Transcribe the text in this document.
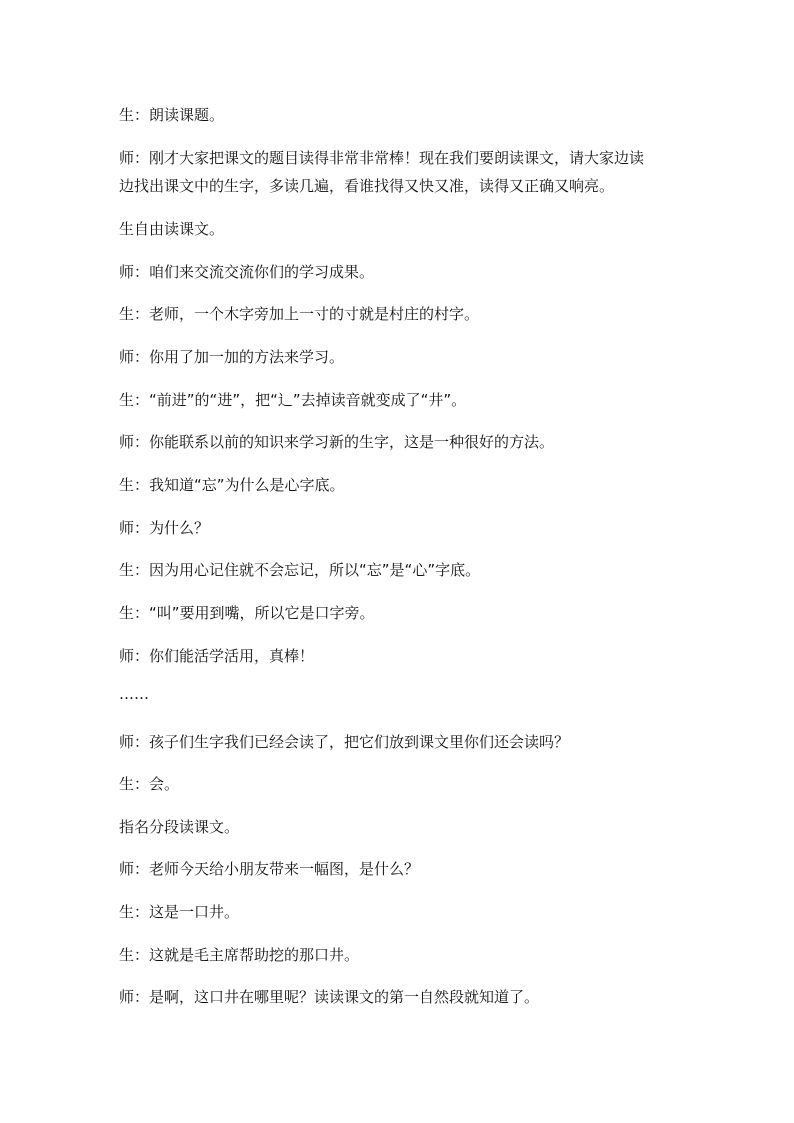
生：朗读课题。
师：刚才大家把课文的题目读得非常非常棒！现在我们要朗读课文，请大家边读
边找出课文中的生字，多读几遍，看谁找得又快又准，读得又正确又响亮。
生自由读课文。
师：咱们来交流交流你们的学习成果。
生：老师，一个木字旁加上一寸的寸就是村庄的村字。
师：你用了加一加的方法来学习。
生：“前进”的“进”，把“辶”去掉读音就变成了“井”。
师：你能联系以前的知识来学习新的生字，这是一种很好的方法。
生：我知道“忘”为什么是心字底。
师：为什么？
生：因为用心记住就不会忘记，所以“忘”是“心”字底。
生：“叫”要用到嘴，所以它是口字旁。
师：你们能活学活用，真棒！
……
师：孩子们生字我们已经会读了，把它们放到课文里你们还会读吗？
生：会。
指名分段读课文。
师：老师今天给小朋友带来一幅图，是什么？
生：这是一口井。
生：这就是毛主席帮助挖的那口井。
师：是啊，这口井在哪里呢？读读课文的第一自然段就知道了。
